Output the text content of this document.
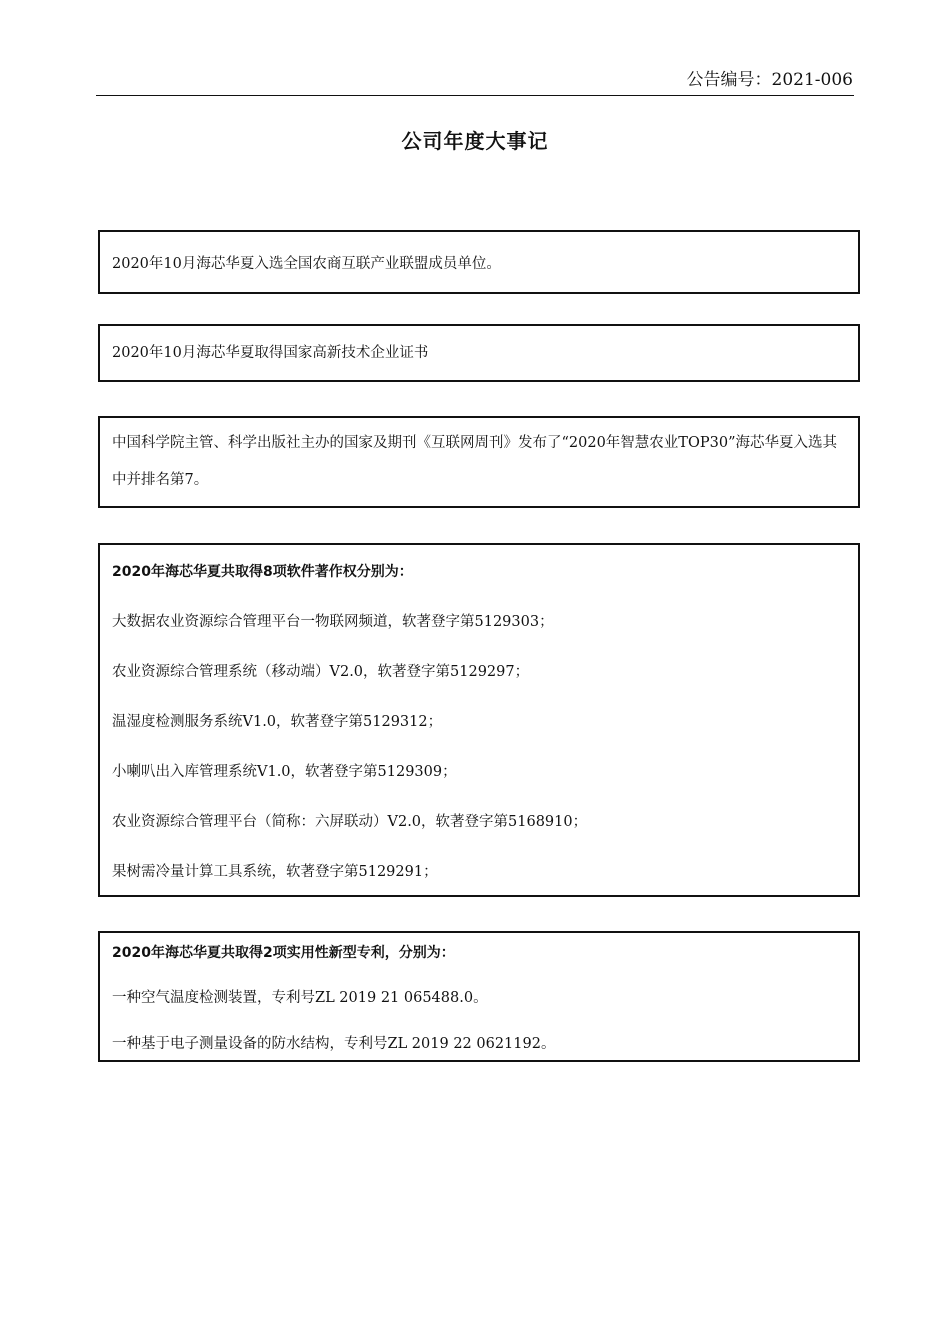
公告编号：2021-006
公司年度大事记
2020年10月海芯华夏入选全国农商互联产业联盟成员单位。
2020年10月海芯华夏取得国家高新技术企业证书
中国科学院主管、科学出版社主办的国家及期刊《互联网周刊》发布了“2020年智慧农业TOP30”海芯华夏入选其中并排名第7。
2020年海芯华夏共取得8项软件著作权分别为：
大数据农业资源综合管理平台一物联网频道，软著登字第5129303；
农业资源综合管理系统（移动端）V2.0，软著登字第5129297；
温湿度检测服务系统V1.0，软著登字第5129312；
小喇叭出入库管理系统V1.0，软著登字第5129309；
农业资源综合管理平台（简称：六屏联动）V2.0，软著登字第5168910；
果树需冷量计算工具系统，软著登字第5129291；
2020年海芯华夏共取得2项实用性新型专利，分别为：
一种空气温度检测装置，专利号ZL 2019 21 065488.0。
一种基于电子测量设备的防水结构，专利号ZL 2019 22 0621192。
